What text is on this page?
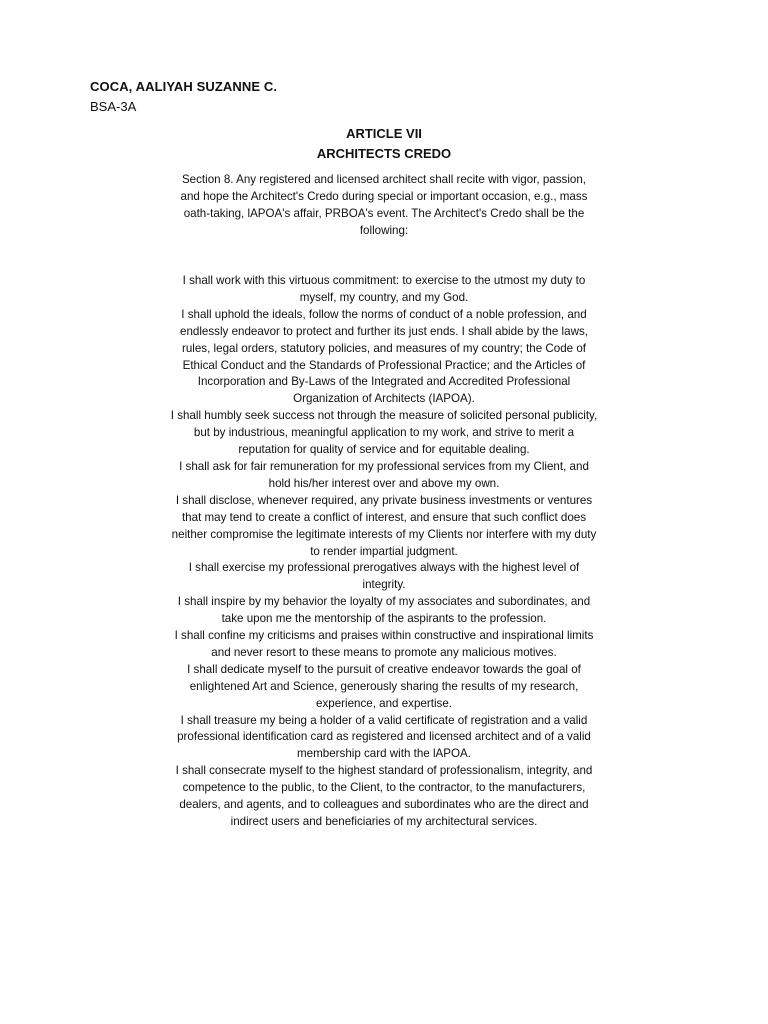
COCA, AALIYAH SUZANNE C.
BSA-3A
ARTICLE VII
ARCHITECTS CREDO

Section 8. Any registered and licensed architect shall recite with vigor, passion, and hope the Architect's Credo during special or important occasion, e.g., mass oath-taking, lAPOA's affair, PRBOA's event. The Architect's Credo shall be the following:

I shall work with this virtuous commitment: to exercise to the utmost my duty to myself, my country, and my God.
I shall uphold the ideals, follow the norms of conduct of a noble profession, and endlessly endeavor to protect and further its just ends. I shall abide by the laws, rules, legal orders, statutory policies, and measures of my country; the Code of Ethical Conduct and the Standards of Professional Practice; and the Articles of Incorporation and By-Laws of the Integrated and Accredited Professional Organization of Architects (IAPOA).
I shall humbly seek success not through the measure of solicited personal publicity, but by industrious, meaningful application to my work, and strive to merit a reputation for quality of service and for equitable dealing.
I shall ask for fair remuneration for my professional services from my Client, and hold his/her interest over and above my own.
I shall disclose, whenever required, any private business investments or ventures that may tend to create a conflict of interest, and ensure that such conflict does neither compromise the legitimate interests of my Clients nor interfere with my duty to render impartial judgment.
I shall exercise my professional prerogatives always with the highest level of integrity.
I shall inspire by my behavior the loyalty of my associates and subordinates, and take upon me the mentorship of the aspirants to the profession.
I shall confine my criticisms and praises within constructive and inspirational limits and never resort to these means to promote any malicious motives.
I shall dedicate myself to the pursuit of creative endeavor towards the goal of enlightened Art and Science, generously sharing the results of my research, experience, and expertise.
I shall treasure my being a holder of a valid certificate of registration and a valid professional identification card as registered and licensed architect and of a valid membership card with the lAPOA.
I shall consecrate myself to the highest standard of professionalism, integrity, and competence to the public, to the Client, to the contractor, to the manufacturers, dealers, and agents, and to colleagues and subordinates who are the direct and indirect users and beneficiaries of my architectural services.
